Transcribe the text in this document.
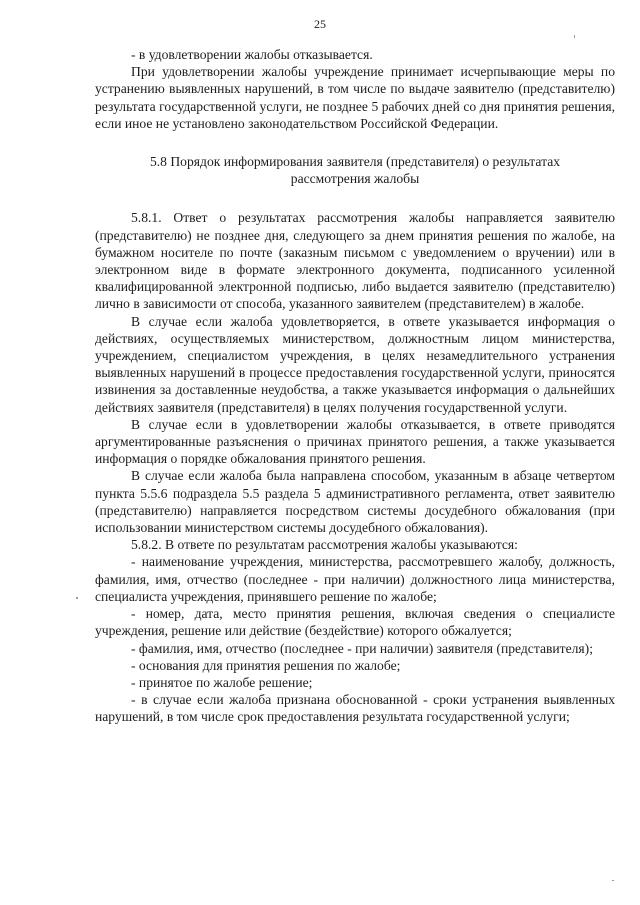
25

- в удовлетворении жалобы отказывается.

При удовлетворении жалобы учреждение принимает исчерпывающие меры по устранению выявленных нарушений, в том числе по выдаче заявителю (представителю) результата государственной услуги, не позднее 5 рабочих дней со дня принятия решения, если иное не установлено законодательством Российской Федерации.

5.8 Порядок информирования заявителя (представителя) о результатах
рассмотрения жалобы

5.8.1. Ответ о результатах рассмотрения жалобы направляется заявителю (представителю) не позднее дня, следующего за днем принятия решения по жалобе, на бумажном носителе по почте (заказным письмом с уведомлением о вручении) или в электронном виде в формате электронного документа, подписанного усиленной квалифицированной электронной подписью, либо выдается заявителю (представителю) лично в зависимости от способа, указанного заявителем (представителем) в жалобе.

В случае если жалоба удовлетворяется, в ответе указывается информация о действиях, осуществляемых министерством, должностным лицом министерства, учреждением, специалистом учреждения, в целях незамедлительного устранения выявленных нарушений в процессе предоставления государственной услуги, приносятся извинения за доставленные неудобства, а также указывается информация о дальнейших действиях заявителя (представителя) в целях получения государственной услуги.

В случае если в удовлетворении жалобы отказывается, в ответе приводятся аргументированные разъяснения о причинах принятого решения, а также указывается информация о порядке обжалования принятого решения.

В случае если жалоба была направлена способом, указанным в абзаце четвертом пункта 5.5.6 подраздела 5.5 раздела 5 административного регламента, ответ заявителю (представителю) направляется посредством системы досудебного обжалования (при использовании министерством системы досудебного обжалования).

5.8.2. В ответе по результатам рассмотрения жалобы указываются:

- наименование учреждения, министерства, рассмотревшего жалобу, должность, фамилия, имя, отчество (последнее - при наличии) должностного лица министерства, специалиста учреждения, принявшего решение по жалобе;

- номер, дата, место принятия решения, включая сведения о специалисте учреждения, решение или действие (бездействие) которого обжалуется;

- фамилия, имя, отчество (последнее - при наличии) заявителя (представителя);

- основания для принятия решения по жалобе;

- принятое по жалобе решение;

- в случае если жалоба признана обоснованной - сроки устранения выявленных нарушений, в том числе срок предоставления результата государственной услуги;
